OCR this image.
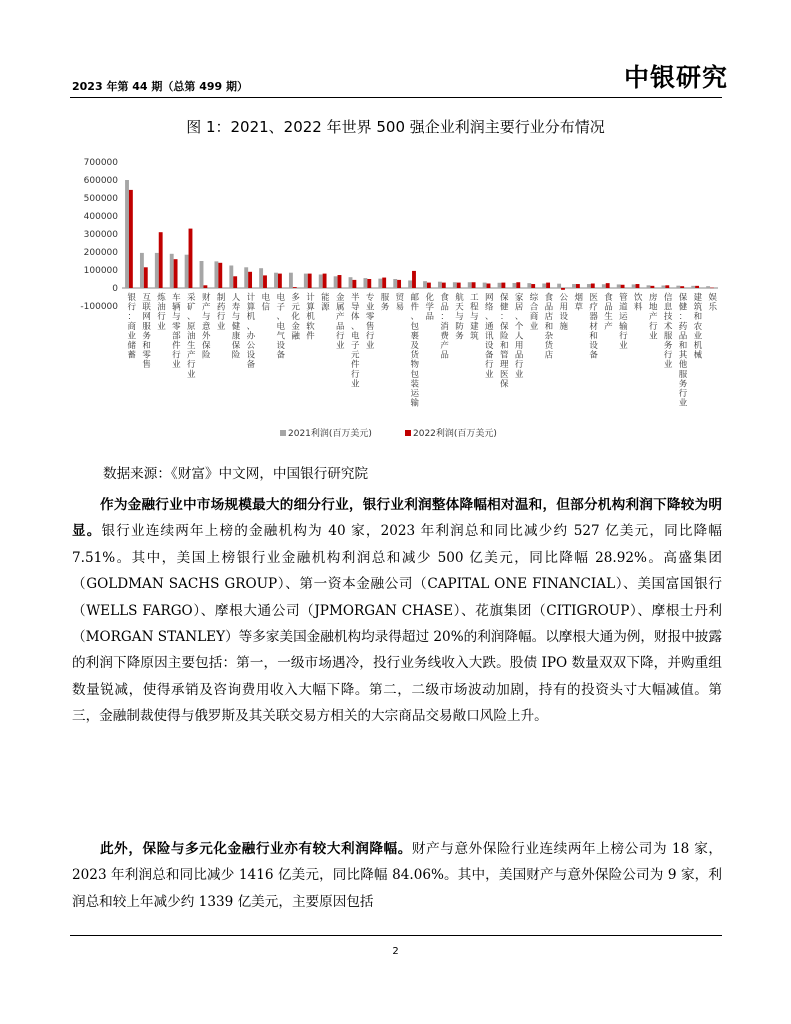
2023 年第 44 期（总第 499 期）	中银研究
图 1：2021、2022 年世界 500 强企业利润主要行业分布情况
700000
600000
500000
400000
300000
200000
100000
0
-100000
银行：商业储蓄
互联网服务和零售
炼油行业
车辆与零部件行业
采矿、原油生产行业
财产与意外保险
制药行业
人寿与健康保险
计算机、办公设备
电信
电子、电气设备
多元化金融
计算机软件
能源
金属产品行业
半导体、电子元件行业
专业零售行业
服务
贸易
邮件、包裹及货物包装运输
化学品
食品：消费产品
航天与防务
工程与建筑
网络、通讯设备行业
保健：保险和管理医保
家居、个人用品行业
综合商业
食品店和杂货店
公用设施
烟草
医疗器材和设备
食品生产
管道运输行业
饮料
房地产行业
信息技术服务行业
保健：药品和其他服务行业
建筑和农业机械
娱乐
2021利润(百万美元)	2022利润(百万美元)
数据来源：《财富》中文网，中国银行研究院

作为金融行业中市场规模最大的细分行业，银行业利润整体降幅相对温和，但部分机构利润下降较为明显。银行业连续两年上榜的金融机构为 40 家，2023 年利润总和同比减少约 527 亿美元，同比降幅 7.51%。其中，美国上榜银行业金融机构利润总和减少 500 亿美元，同比降幅 28.92%。高盛集团（GOLDMAN SACHS GROUP）、第一资本金融公司（CAPITAL ONE FINANCIAL）、美国富国银行（WELLS FARGO）、摩根大通公司（JPMORGAN CHASE）、花旗集团（CITIGROUP）、摩根士丹利（MORGAN STANLEY）等多家美国金融机构均录得超过 20%的利润降幅。以摩根大通为例，财报中披露的利润下降原因主要包括：第一，一级市场遇冷，投行业务线收入大跌。股债 IPO 数量双双下降，并购重组数量锐减，使得承销及咨询费用收入大幅下降。第二，二级市场波动加剧，持有的投资头寸大幅减值。第三，金融制裁使得与俄罗斯及其关联交易方相关的大宗商品交易敞口风险上升。

此外，保险与多元化金融行业亦有较大利润降幅。财产与意外保险行业连续两年上榜公司为 18 家，2023 年利润总和同比减少 1416 亿美元，同比降幅 84.06%。其中，美国财产与意外保险公司为 9 家，利润总和较上年减少约 1339 亿美元，主要原因包括

2
